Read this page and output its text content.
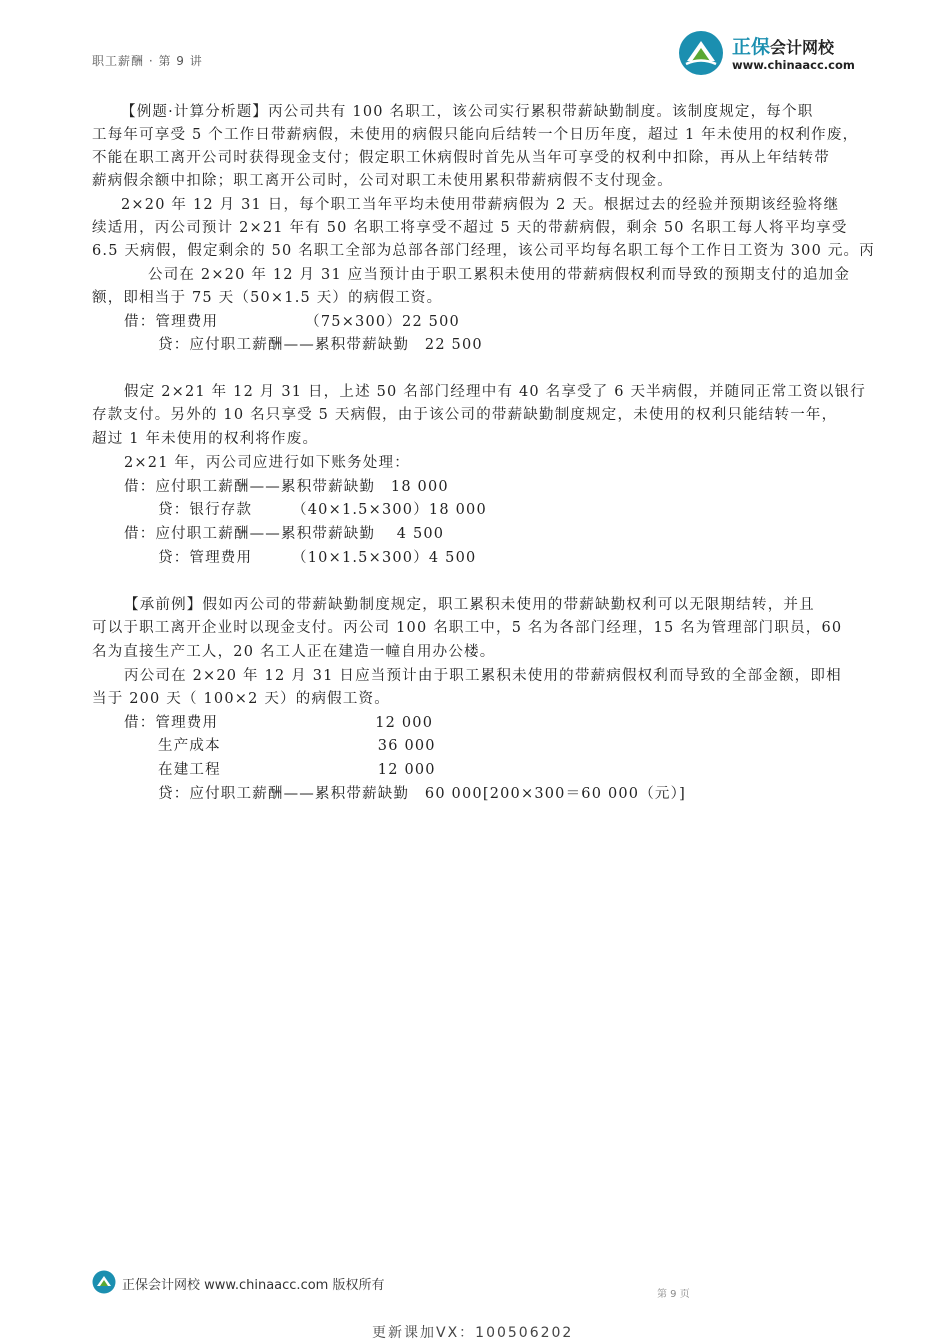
职工薪酬 · 第 9 讲
正保会计网校
www.chinaacc.com
【例题·计算分析题】丙公司共有 100 名职工，该公司实行累积带薪缺勤制度。该制度规定，每个职
工每年可享受 5 个工作日带薪病假，未使用的病假只能向后结转一个日历年度，超过 1 年未使用的权利作废，
不能在职工离开公司时获得现金支付；假定职工休病假时首先从当年可享受的权利中扣除，再从上年结转带
薪病假余额中扣除；职工离开公司时，公司对职工未使用累积带薪病假不支付现金。
2×20 年 12 月 31 日，每个职工当年平均未使用带薪病假为 2 天。根据过去的经验并预期该经验将继
续适用，丙公司预计 2×21 年有 50 名职工将享受不超过 5 天的带薪病假，剩余 50 名职工每人将平均享受
6.5 天病假，假定剩余的 50 名职工全部为总部各部门经理，该公司平均每名职工每个工作日工资为 300 元。丙
公司在 2×20 年 12 月 31 应当预计由于职工累积未使用的带薪病假权利而导致的预期支付的追加金
额，即相当于 75 天（50×1.5 天）的病假工资。
借：管理费用　　　　　　（75×300）22 500
贷：应付职工薪酬——累积带薪缺勤　22 500
假定 2×21 年 12 月 31 日，上述 50 名部门经理中有 40 名享受了 6 天半病假，并随同正常工资以银行
存款支付。另外的 10 名只享受 5 天病假，由于该公司的带薪缺勤制度规定，未使用的权利只能结转一年，
超过 1 年未使用的权利将作废。
2×21 年，丙公司应进行如下账务处理：
借：应付职工薪酬——累积带薪缺勤　18 000
贷：银行存款　　　（40×1.5×300）18 000
借：应付职工薪酬——累积带薪缺勤　 4 500
贷：管理费用　　　（10×1.5×300）4 500
【承前例】假如丙公司的带薪缺勤制度规定，职工累积未使用的带薪缺勤权利可以无限期结转，并且
可以于职工离开企业时以现金支付。丙公司 100 名职工中，5 名为各部门经理，15 名为管理部门职员，60
名为直接生产工人，20 名工人正在建造一幢自用办公楼。
丙公司在 2×20 年 12 月 31 日应当预计由于职工累积未使用的带薪病假权利而导致的全部金额，即相
当于 200 天（ 100×2 天）的病假工资。
借：管理费用　　　　　　　　　　12 000
生产成本　　　　　　　　　　36 000
在建工程　　　　　　　　　　12 000
贷：应付职工薪酬——累积带薪缺勤　60 000[200×300＝60 000（元）]
正保会计网校 www.chinaacc.com 版权所有
第 9 页
更新课加VX：100506202
